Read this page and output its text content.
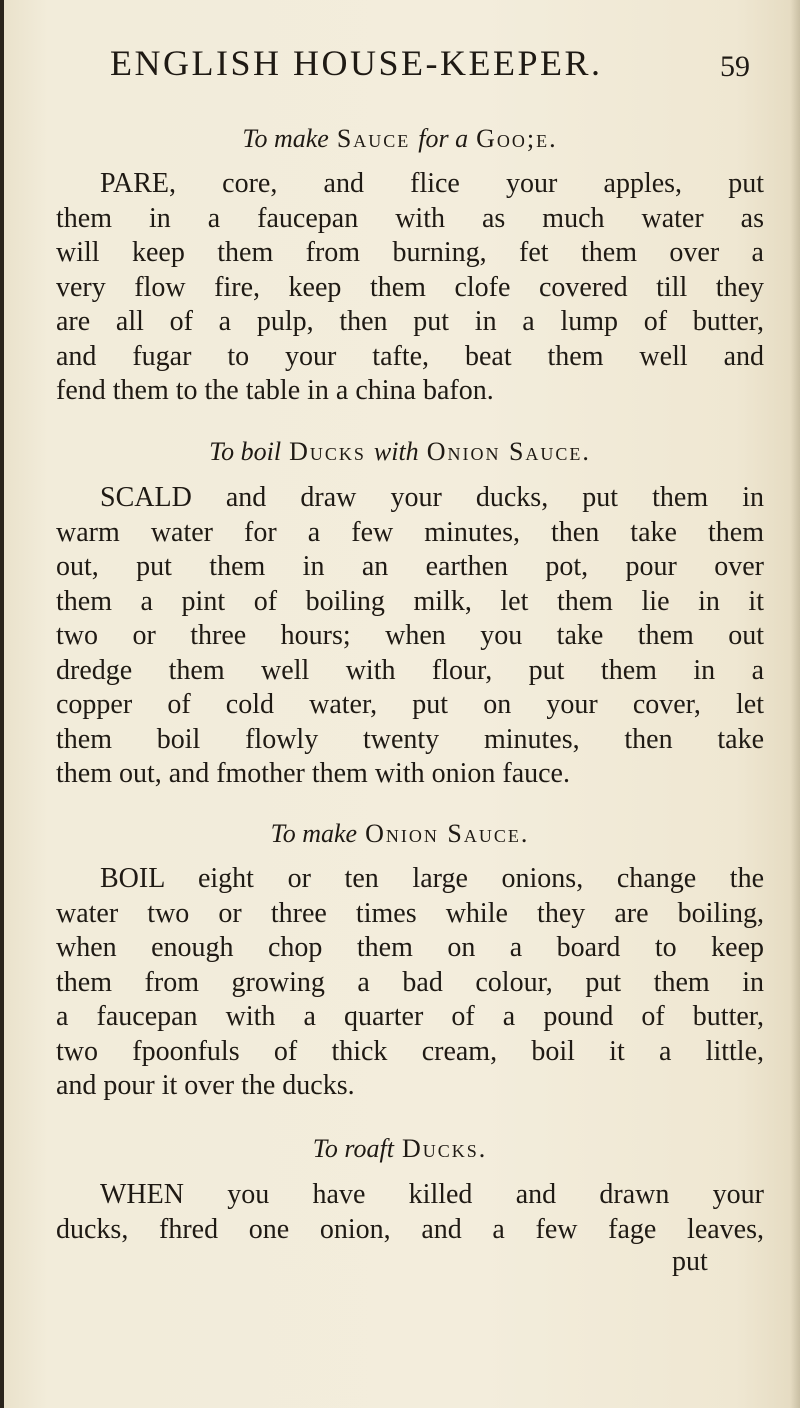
ENGLISH HOUSE-KEEPER.	59
To make Sauce for a Goo;e.
PARE, core, and flice your apples, put
them in a faucepan with as much water as
will keep them from burning, fet them over a
very flow fire, keep them clofe covered till they
are all of a pulp, then put in a lump of butter,
and fugar to your tafte, beat them well and
fend them to the table in a china bafon.
To boil Ducks with Onion Sauce.
SCALD and draw your ducks, put them in
warm water for a few minutes, then take them
out, put them in an earthen pot, pour over
them a pint of boiling milk, let them lie in it
two or three hours; when you take them out
dredge them well with flour, put them in a
copper of cold water, put on your cover, let
them boil flowly twenty minutes, then take
them out, and fmother them with onion fauce.
To make Onion Sauce.
BOIL eight or ten large onions, change the
water two or three times while they are boiling,
when enough chop them on a board to keep
them from growing a bad colour, put them in
a faucepan with a quarter of a pound of butter,
two fpoonfuls of thick cream, boil it a little,
and pour it over the ducks.
To roaft Ducks.
WHEN you have killed and drawn your
ducks, fhred one onion, and a few fage leaves,
put
